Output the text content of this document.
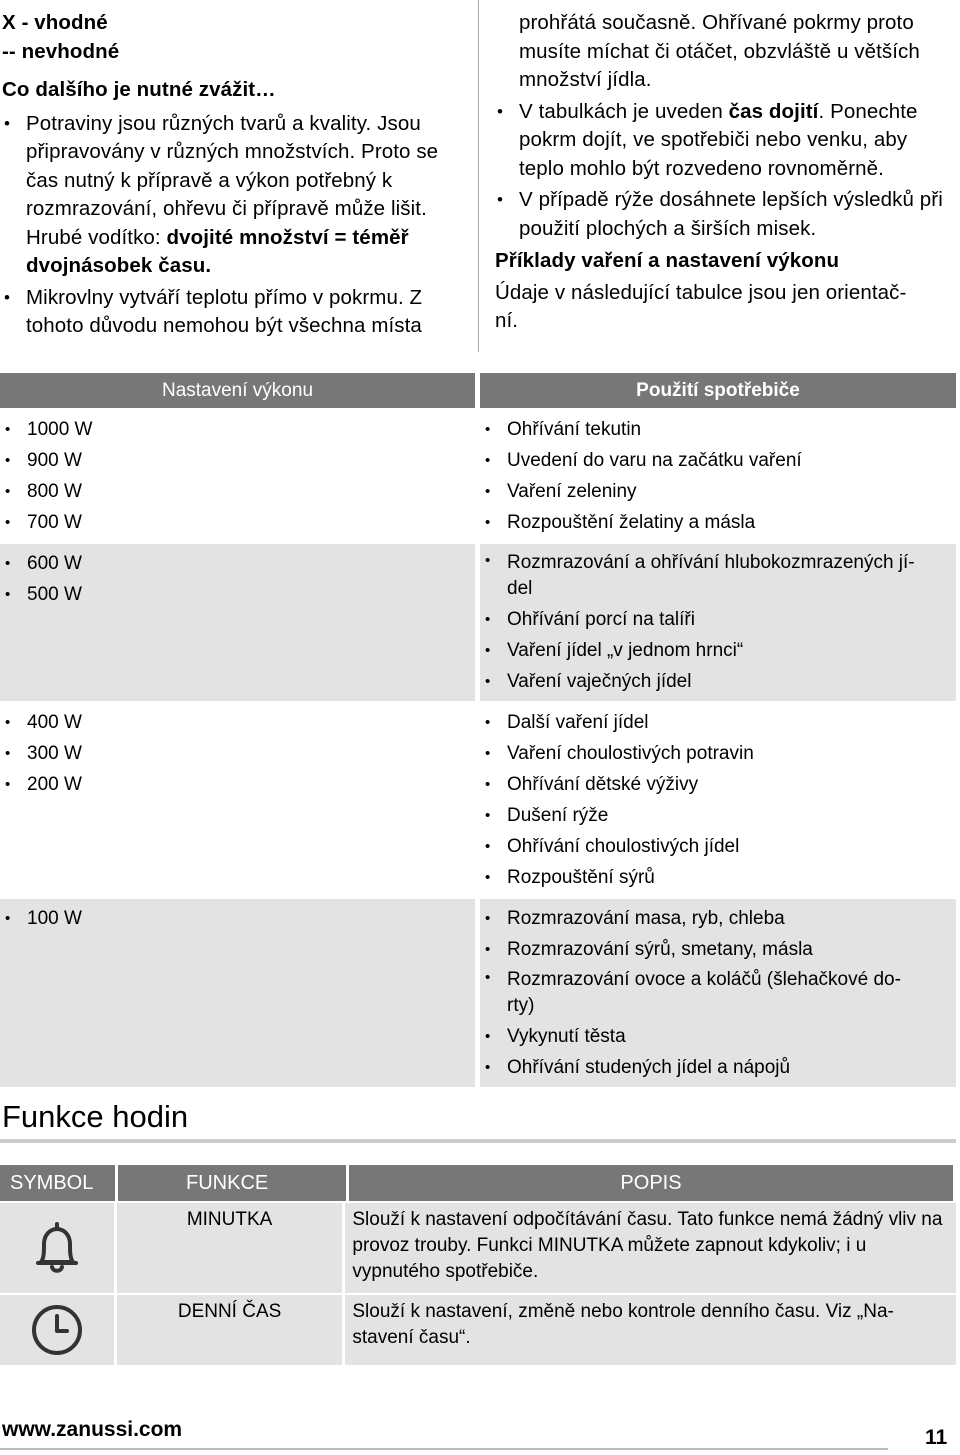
X - vhodné
-- nevhodné
Co dalšího je nutné zvážit…
• Potraviny jsou různých tvarů a kvality. Jsou připravovány v různých množstvích. Proto se čas nutný k přípravě a výkon potřebný k rozmrazování, ohřevu či přípravě může lišit. Hrubé vodítko: dvojité množství = téměř dvojnásobek času.
• Mikrovlny vytváří teplotu přímo v pokrmu. Z tohoto důvodu nemohou být všechna místa
prohřátá současně. Ohřívané pokrmy proto musíte míchat či otáčet, obzvláště u větších množství jídla.
• V tabulkách je uveden čas dojití. Ponechte pokrm dojít, ve spotřebiči nebo venku, aby teplo mohlo být rozvedeno rovnoměrně.
• V případě rýže dosáhnete lepších výsledků při použití plochých a širších misek.
Příklady vaření a nastavení výkonu
Údaje v následující tabulce jsou jen orientač-
ní.
Nastavení výkonu	Použití spotřebiče
• 1000 W
• 900 W
• 800 W
• 700 W
• Ohřívání tekutin
• Uvedení do varu na začátku vaření
• Vaření zeleniny
• Rozpouštění želatiny a másla
• 600 W
• 500 W
• Rozmrazování a ohřívání hlubokozmrazených jí-
del
• Ohřívání porcí na talíři
• Vaření jídel „v jednom hrnci“
• Vaření vaječných jídel
• 400 W
• 300 W
• 200 W
• Další vaření jídel
• Vaření choulostivých potravin
• Ohřívání dětské výživy
• Dušení rýže
• Ohřívání choulostivých jídel
• Rozpouštění sýrů
• 100 W
•	Rozmrazování masa, ryb, chleba
• Rozmrazování sýrů, smetany, másla
• Rozmrazování ovoce a koláčů (šlehačkové do-
rty)
• Vykynutí těsta
• Ohřívání studených jídel a nápojů
Funkce hodin
SYMBOL	FUNKCE	POPIS
MINUTKA	Slouží k nastavení odpočítávání času. Tato funkce nemá žádný vliv na provoz trouby. Funkci MINUTKA můžete zapnout kdykoliv; i u vypnutého spotřebiče.
DENNÍ ČAS	Slouží k nastavení, změně nebo kontrole denního času. Viz „Na-
stavení času“.
www.zanussi.com	11
